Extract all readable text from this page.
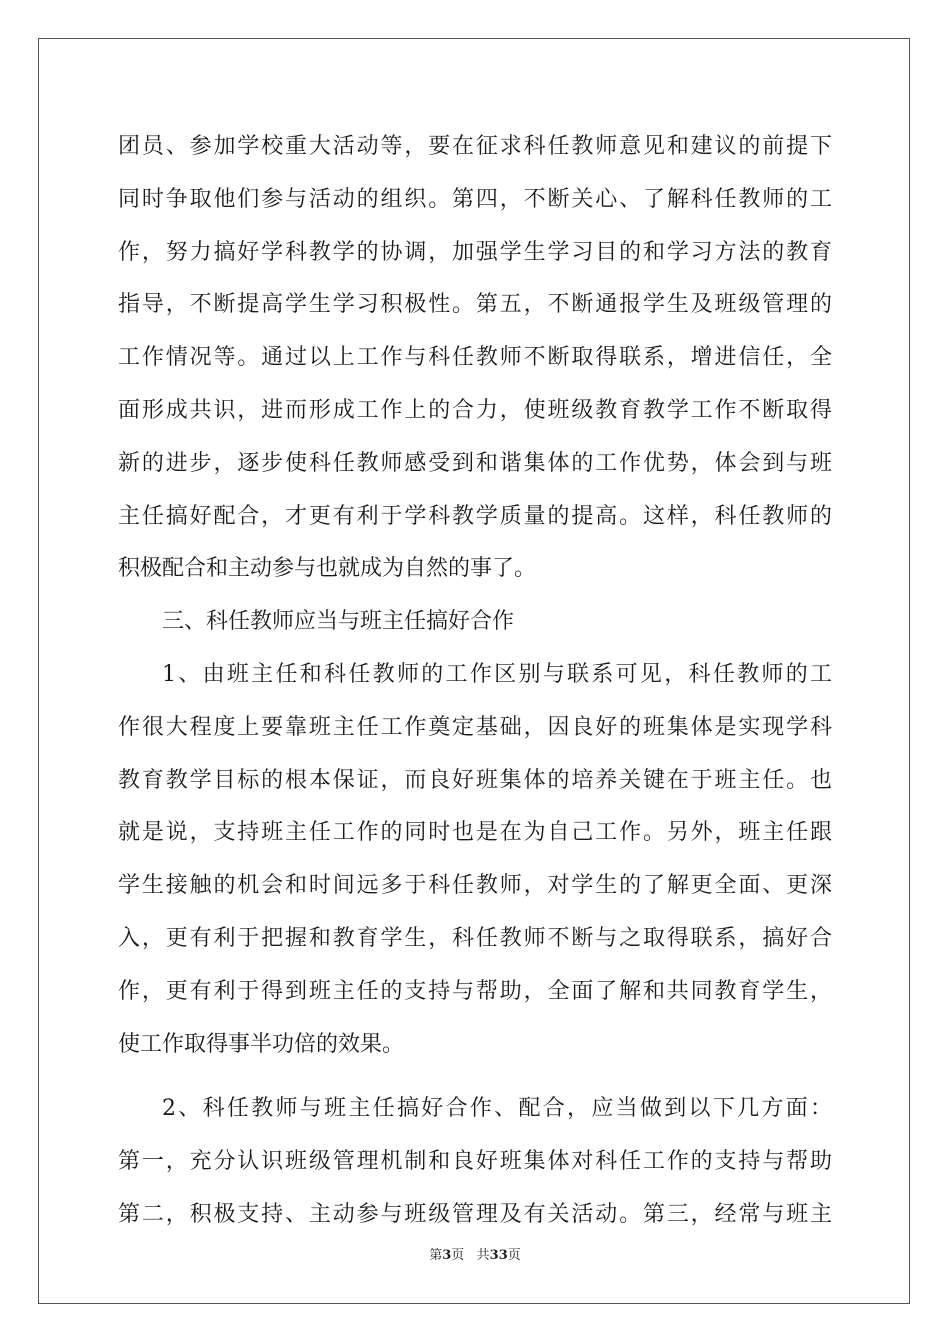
团员、参加学校重大活动等，要在征求科任教师意见和建议的前提下
同时争取他们参与活动的组织。第四，不断关心、了解科任教师的工
作，努力搞好学科教学的协调，加强学生学习目的和学习方法的教育
指导，不断提高学生学习积极性。第五，不断通报学生及班级管理的
工作情况等。通过以上工作与科任教师不断取得联系，增进信任，全
面形成共识，进而形成工作上的合力，使班级教育教学工作不断取得
新的进步，逐步使科任教师感受到和谐集体的工作优势，体会到与班
主任搞好配合，才更有利于学科教学质量的提高。这样，科任教师的
积极配合和主动参与也就成为自然的事了。
三、科任教师应当与班主任搞好合作
1、由班主任和科任教师的工作区别与联系可见，科任教师的工
作很大程度上要靠班主任工作奠定基础，因良好的班集体是实现学科
教育教学目标的根本保证，而良好班集体的培养关键在于班主任。也
就是说，支持班主任工作的同时也是在为自己工作。另外，班主任跟
学生接触的机会和时间远多于科任教师，对学生的了解更全面、更深
入，更有利于把握和教育学生，科任教师不断与之取得联系，搞好合
作，更有利于得到班主任的支持与帮助，全面了解和共同教育学生，
使工作取得事半功倍的效果。
2、科任教师与班主任搞好合作、配合，应当做到以下几方面：
第一，充分认识班级管理机制和良好班集体对科任工作的支持与帮助
第二，积极支持、主动参与班级管理及有关活动。第三，经常与班主
第3页   共33页
